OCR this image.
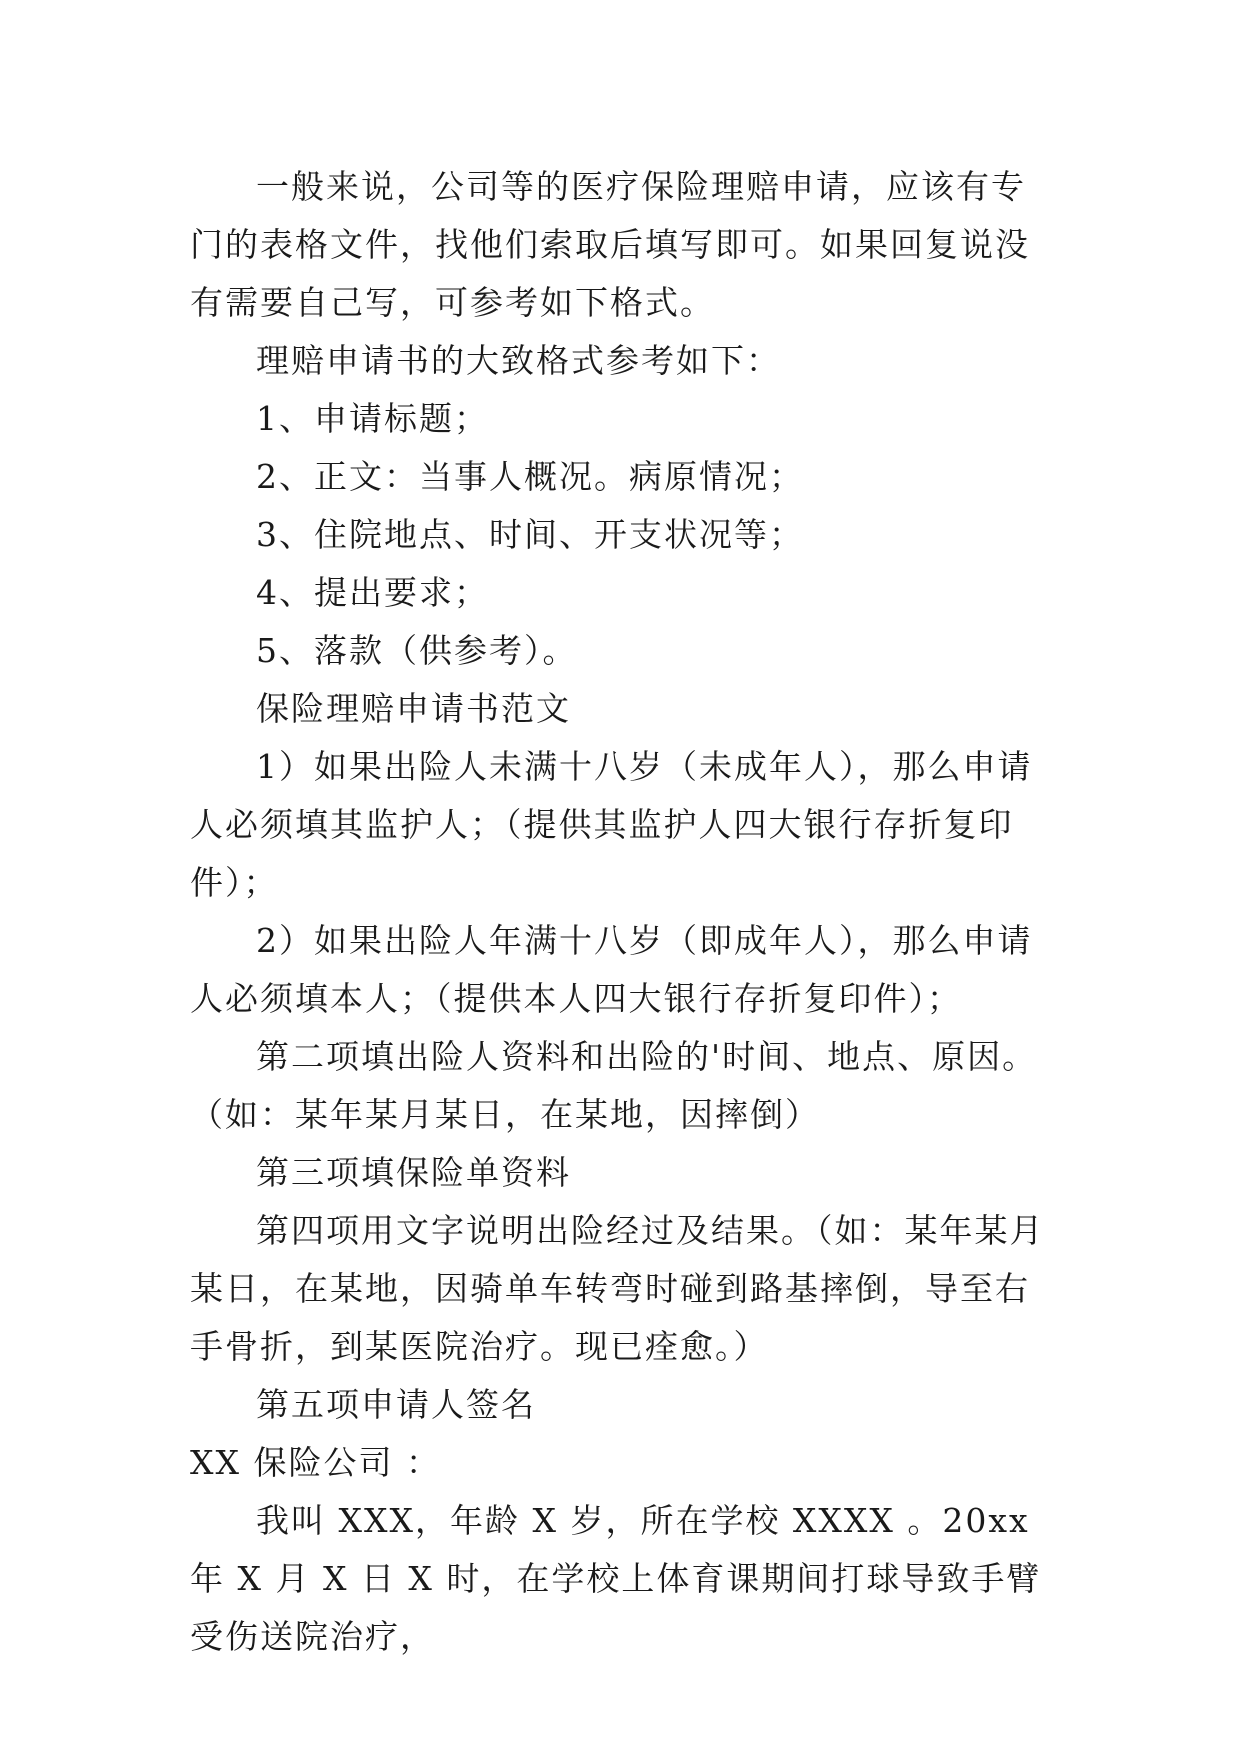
一般来说，公司等的医疗保险理赔申请，应该有专门的表格文件，找他们索取后填写即可。如果回复说没有需要自己写，可参考如下格式。

理赔申请书的大致格式参考如下：

1、申请标题；

2、正文：当事人概况。病原情况；

3、住院地点、时间、开支状况等；

4、提出要求；

5、落款（供参考）。

保险理赔申请书范文

1）如果出险人未满十八岁（未成年人），那么申请人必须填其监护人；（提供其监护人四大银行存折复印件）；

2）如果出险人年满十八岁（即成年人），那么申请人必须填本人；（提供本人四大银行存折复印件）；

第二项填出险人资料和出险的'时间、地点、原因。（如：某年某月某日，在某地，因摔倒）

第三项填保险单资料

第四项用文字说明出险经过及结果。（如：某年某月某日，在某地，因骑单车转弯时碰到路基摔倒，导至右手骨折，到某医院治疗。现已痊愈。）

第五项申请人签名

XX 保险公司 ：

我叫 XXX，年龄 X 岁，所在学校 XXXX 。20xx 年 X 月 X 日 X 时，在学校上体育课期间打球导致手臂受伤送院治疗，
